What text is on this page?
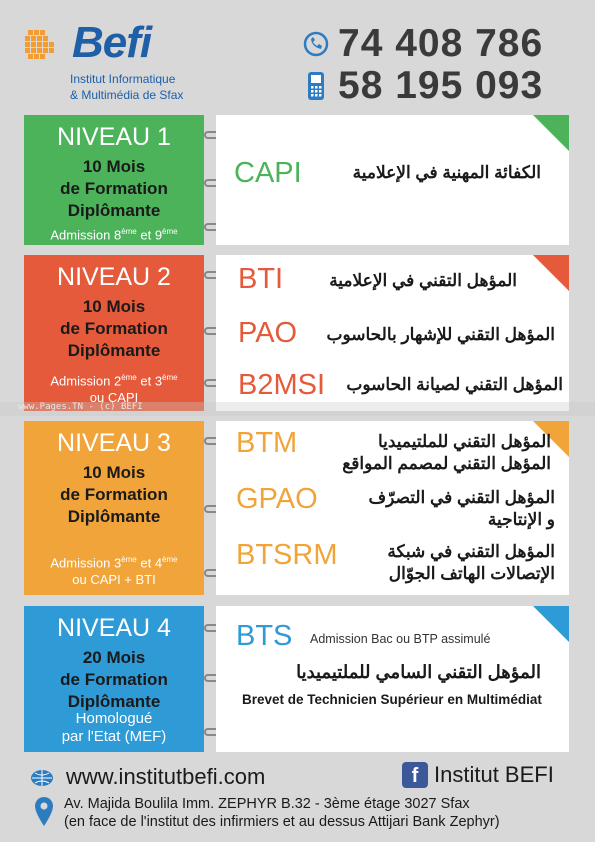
Befi
Institut Informatique
& Multimédia de Sfax
74 408 786
58 195 093
NIVEAU 1
10 Mois
de Formation
Diplômante
Admission 8ème et 9ème
CAPI	الكفائة المهنية في الإعلامية
NIVEAU 2
10 Mois
de Formation
Diplômante
Admission 2ème et 3ème
ou CAPI
BTI	المؤهل التقني في الإعلامية
PAO المؤهل التقني للإشهار بالحاسوب
B2MSI المؤهل التقني لصيانة الحاسوب
NIVEAU 3
10 Mois
de Formation
Diplômante
Admission 3ème et 4ème
ou CAPI + BTI
BTM	المؤهل التقني للملتيميديا
المؤهل التقني لمصمم المواقع
GPAO	المؤهل التقني في التصرّف
و الإنتاجية
BTSRM	المؤهل التقني في شبكة
الإتصالات الهاتف الجوّال
www.Pages.TN - (c) BEFI
NIVEAU 4
20 Mois
de Formation
Diplômante
Homologué
par l'Etat (MEF)
BTS Admission Bac ou BTP assimulé
المؤهل التقني السامي للملتيميديا
Brevet de Technicien Supérieur en Multimédiat
www.institutbefi.com	f Institut BEFI
Av. Majida Boulila Imm. ZEPHYR B.32 - 3ème étage 3027 Sfax
(en face de l'institut des infirmiers et au dessus Attijari Bank Zephyr)
